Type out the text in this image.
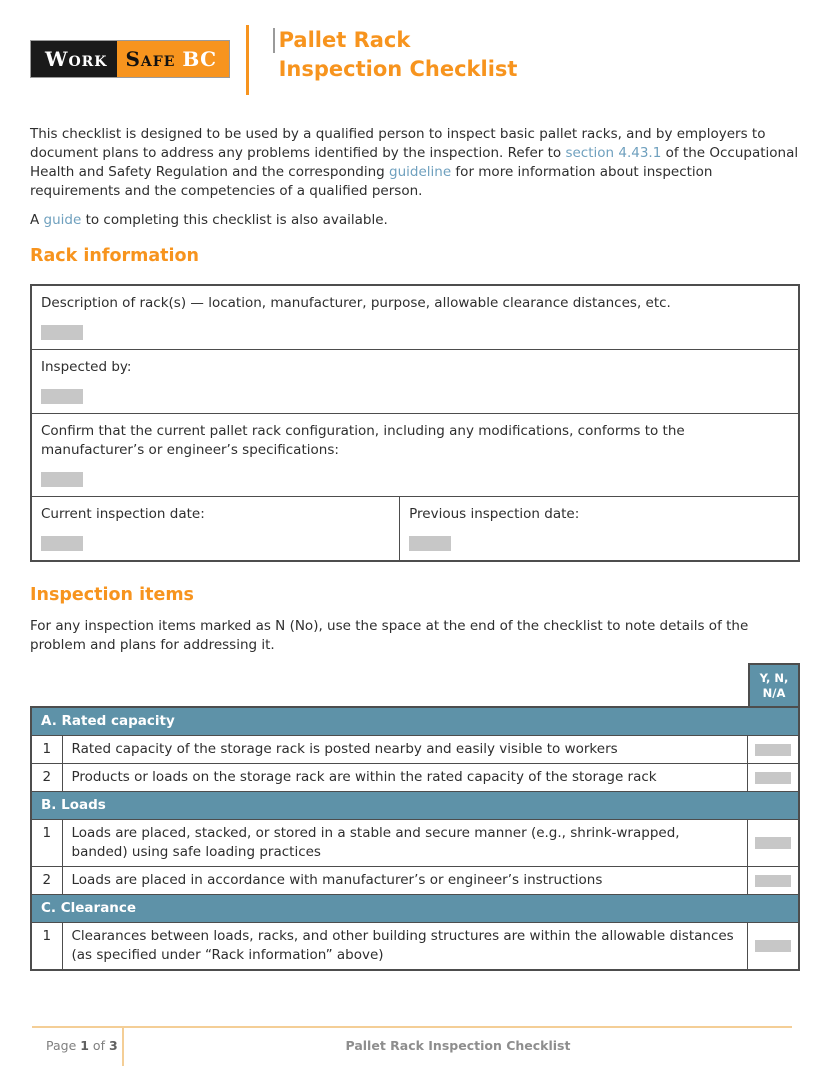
Work Safe BC
Pallet Rack
Inspection Checklist

This checklist is designed to be used by a qualified person to inspect basic pallet racks, and by employers to document plans to address any problems identified by the inspection. Refer to section 4.43.1 of the Occupational Health and Safety Regulation and the corresponding guideline for more information about inspection requirements and the competencies of a qualified person.

A guide to completing this checklist is also available.

Rack information
Description of rack(s) — location, manufacturer, purpose, allowable clearance distances, etc.

Inspected by:

Confirm that the current pallet rack configuration, including any modifications, conforms to the manufacturer’s or engineer’s specifications:

Current inspection date:	Previous inspection date:
Inspection items

For any inspection items marked as N (No), use the space at the end of the checklist to note details of the problem and plans for addressing it.

Y, N,
N/A
A. Rated capacity		
1	Rated capacity of the storage rack is posted nearby and easily visible to workers	

2	Products or loads on the storage rack are within the rated capacity of the storage rack	

B. Loads		
1	Loads are placed, stacked, or stored in a stable and secure manner (e.g., shrink-wrapped, banded) using safe loading practices	

2	Loads are placed in accordance with manufacturer’s or engineer’s instructions	

C. Clearance		
1	Clearances between loads, racks, and other building structures are within the allowable distances (as specified under “Rack information” above)	
Page 1 of 3	Pallet Rack Inspection Checklist
